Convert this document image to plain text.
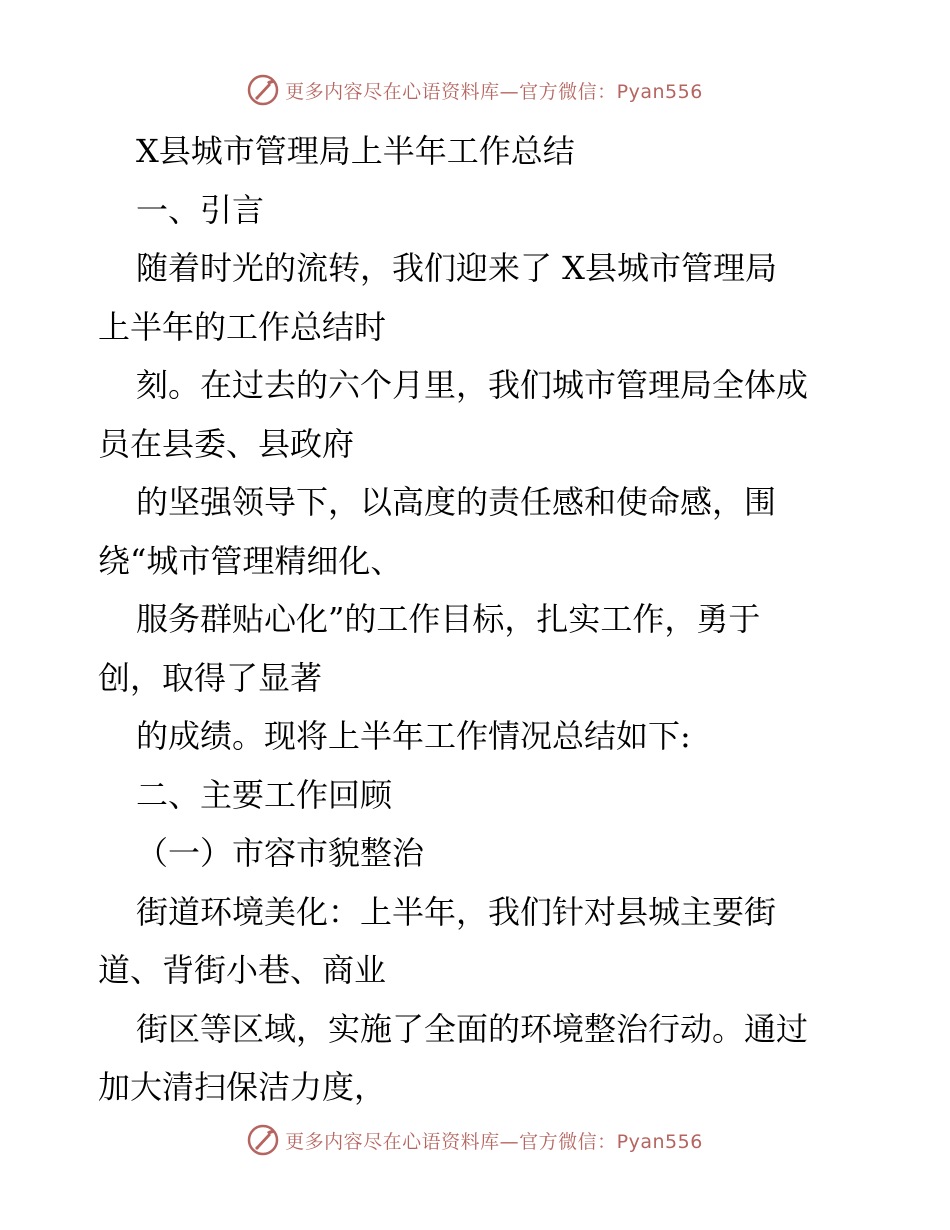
更多内容尽在心语资料库—官方微信：Pyan556
X县城市管理局上半年工作总结
一、引言
随着时光的流转，我们迎来了 X县城市管理局
上半年的工作总结时
刻。在过去的六个月里，我们城市管理局全体成
员在县委、县政府
的坚强领导下，以高度的责任感和使命感，围
绕“城市管理精细化、
服务群贴心化”的工作目标，扎实工作，勇于
创，取得了显著
的成绩。现将上半年工作情况总结如下:
二、主要工作回顾
（一）市容市貌整治
街道环境美化：上半年，我们针对县城主要街
道、背街小巷、商业
街区等区域，实施了全面的环境整治行动。通过
加大清扫保洁力度，
更多内容尽在心语资料库—官方微信：Pyan556
